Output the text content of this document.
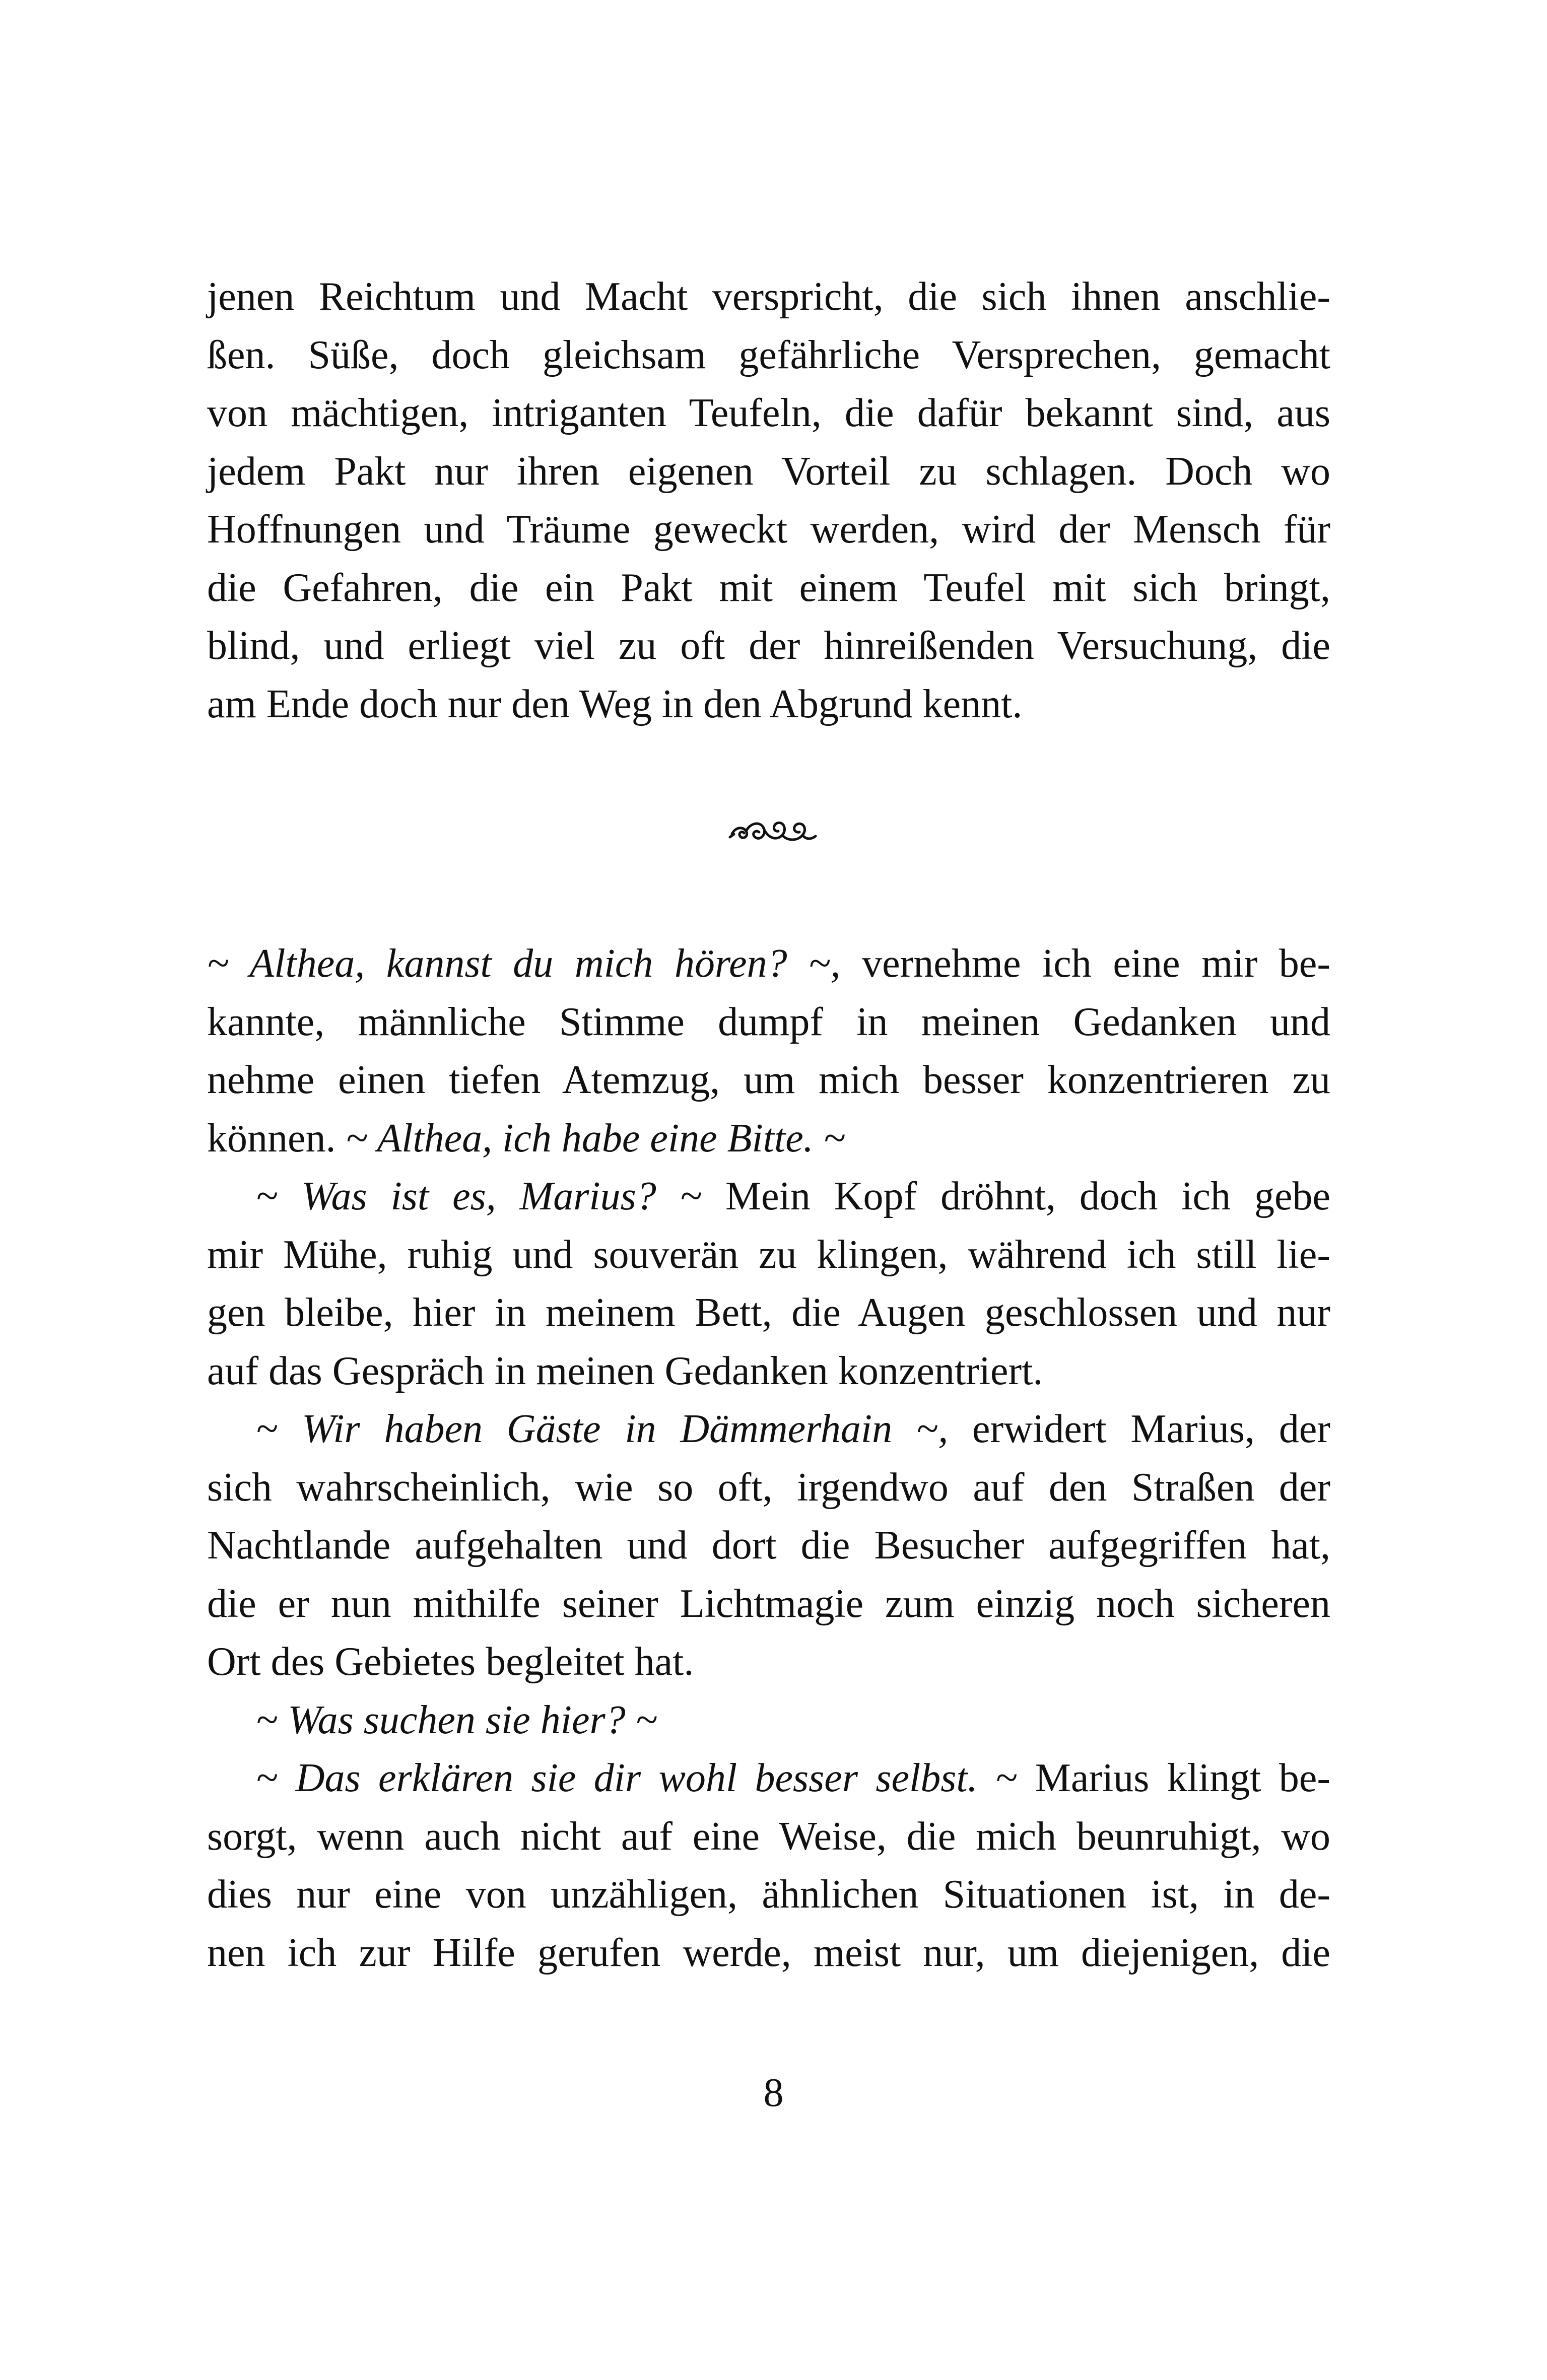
jenen Reichtum und Macht verspricht, die sich ihnen anschlie-
ßen. Süße, doch gleichsam gefährliche Versprechen, gemacht
von mächtigen, intriganten Teufeln, die dafür bekannt sind, aus
jedem Pakt nur ihren eigenen Vorteil zu schlagen. Doch wo
Hoffnungen und Träume geweckt werden, wird der Mensch für
die Gefahren, die ein Pakt mit einem Teufel mit sich bringt,
blind, und erliegt viel zu oft der hinreißenden Versuchung, die
am Ende doch nur den Weg in den Abgrund kennt.
~ Althea, kannst du mich hören? ~, vernehme ich eine mir be-
kannte, männliche Stimme dumpf in meinen Gedanken und
nehme einen tiefen Atemzug, um mich besser konzentrieren zu
können. ~ Althea, ich habe eine Bitte. ~
~ Was ist es, Marius? ~ Mein Kopf dröhnt, doch ich gebe
mir Mühe, ruhig und souverän zu klingen, während ich still lie-
gen bleibe, hier in meinem Bett, die Augen geschlossen und nur
auf das Gespräch in meinen Gedanken konzentriert.
~ Wir haben Gäste in Dämmerhain ~, erwidert Marius, der
sich wahrscheinlich, wie so oft, irgendwo auf den Straßen der
Nachtlande aufgehalten und dort die Besucher aufgegriffen hat,
die er nun mithilfe seiner Lichtmagie zum einzig noch sicheren
Ort des Gebietes begleitet hat.
~ Was suchen sie hier? ~
~ Das erklären sie dir wohl besser selbst. ~ Marius klingt be-
sorgt, wenn auch nicht auf eine Weise, die mich beunruhigt, wo
dies nur eine von unzähligen, ähnlichen Situationen ist, in de-
nen ich zur Hilfe gerufen werde, meist nur, um diejenigen, die
8
